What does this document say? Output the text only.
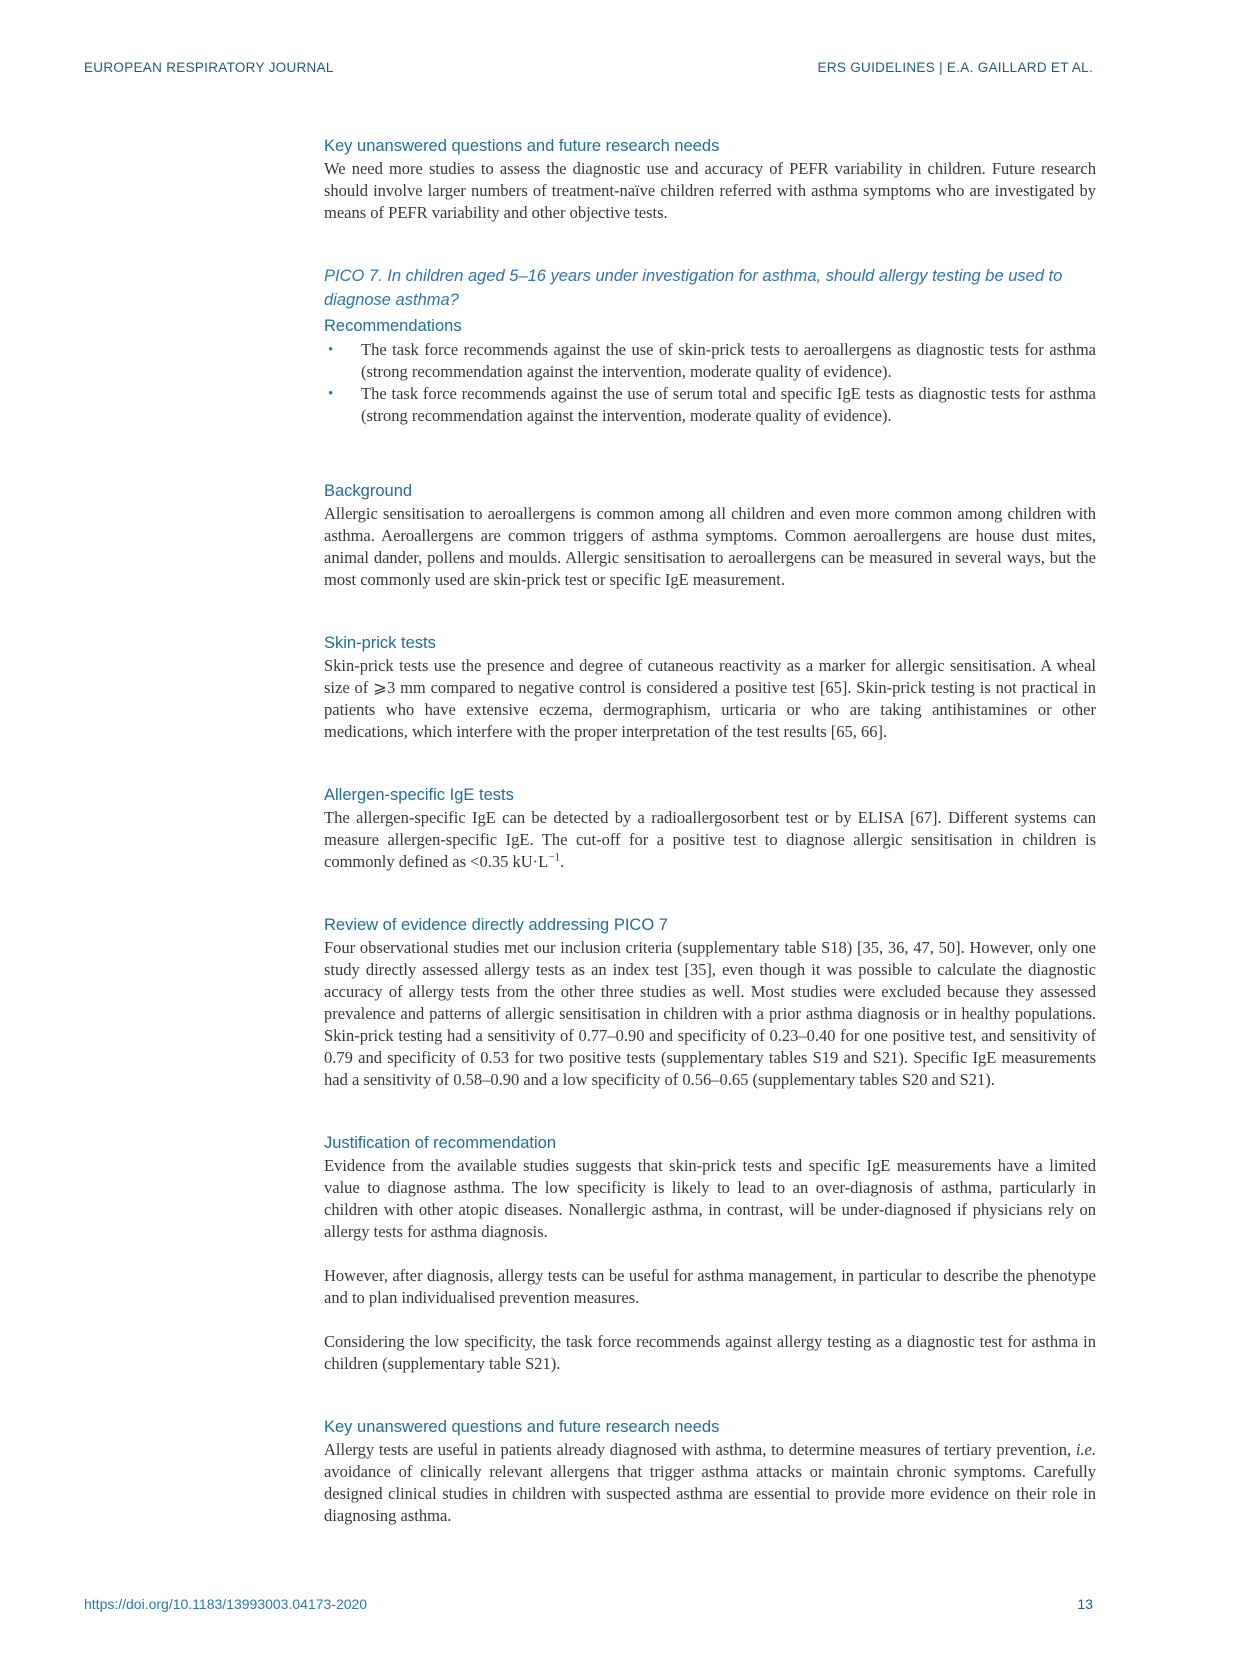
EUROPEAN RESPIRATORY JOURNAL	ERS GUIDELINES | E.A. GAILLARD ET AL.
Key unanswered questions and future research needs

We need more studies to assess the diagnostic use and accuracy of PEFR variability in children. Future research should involve larger numbers of treatment-naïve children referred with asthma symptoms who are investigated by means of PEFR variability and other objective tests.

PICO 7. In children aged 5–16 years under investigation for asthma, should allergy testing be used to diagnose asthma?
Recommendations
• The task force recommends against the use of skin-prick tests to aeroallergens as diagnostic tests for asthma (strong recommendation against the intervention, moderate quality of evidence).
• The task force recommends against the use of serum total and specific IgE tests as diagnostic tests for asthma (strong recommendation against the intervention, moderate quality of evidence).
Background

Allergic sensitisation to aeroallergens is common among all children and even more common among children with asthma. Aeroallergens are common triggers of asthma symptoms. Common aeroallergens are house dust mites, animal dander, pollens and moulds. Allergic sensitisation to aeroallergens can be measured in several ways, but the most commonly used are skin-prick test or specific IgE measurement.

Skin-prick tests

Skin-prick tests use the presence and degree of cutaneous reactivity as a marker for allergic sensitisation. A wheal size of ⩾3 mm compared to negative control is considered a positive test [65]. Skin-prick testing is not practical in patients who have extensive eczema, dermographism, urticaria or who are taking antihistamines or other medications, which interfere with the proper interpretation of the test results [65, 66].

Allergen-specific IgE tests

The allergen-specific IgE can be detected by a radioallergosorbent test or by ELISA [67]. Different systems can measure allergen-specific IgE. The cut-off for a positive test to diagnose allergic sensitisation in children is commonly defined as <0.35 $kU\cdot L^{-1}$.

Review of evidence directly addressing PICO 7

Four observational studies met our inclusion criteria (supplementary table S18) [35, 36, 47, 50]. However, only one study directly assessed allergy tests as an index test [35], even though it was possible to calculate the diagnostic accuracy of allergy tests from the other three studies as well. Most studies were excluded because they assessed prevalence and patterns of allergic sensitisation in children with a prior asthma diagnosis or in healthy populations. Skin-prick testing had a sensitivity of 0.77–0.90 and specificity of 0.23–0.40 for one positive test, and sensitivity of 0.79 and specificity of 0.53 for two positive tests (supplementary tables S19 and S21). Specific IgE measurements had a sensitivity of 0.58–0.90 and a low specificity of 0.56–0.65 (supplementary tables S20 and S21).

Justification of recommendation

Evidence from the available studies suggests that skin-prick tests and specific IgE measurements have a limited value to diagnose asthma. The low specificity is likely to lead to an over-diagnosis of asthma, particularly in children with other atopic diseases. Nonallergic asthma, in contrast, will be under-diagnosed if physicians rely on allergy tests for asthma diagnosis.

However, after diagnosis, allergy tests can be useful for asthma management, in particular to describe the phenotype and to plan individualised prevention measures.

Considering the low specificity, the task force recommends against allergy testing as a diagnostic test for asthma in children (supplementary table S21).

Key unanswered questions and future research needs

Allergy tests are useful in patients already diagnosed with asthma, to determine measures of tertiary prevention, i.e. avoidance of clinically relevant allergens that trigger asthma attacks or maintain chronic symptoms. Carefully designed clinical studies in children with suspected asthma are essential to provide more evidence on their role in diagnosing asthma.

https://doi.org/10.1183/13993003.04173-2020	13
